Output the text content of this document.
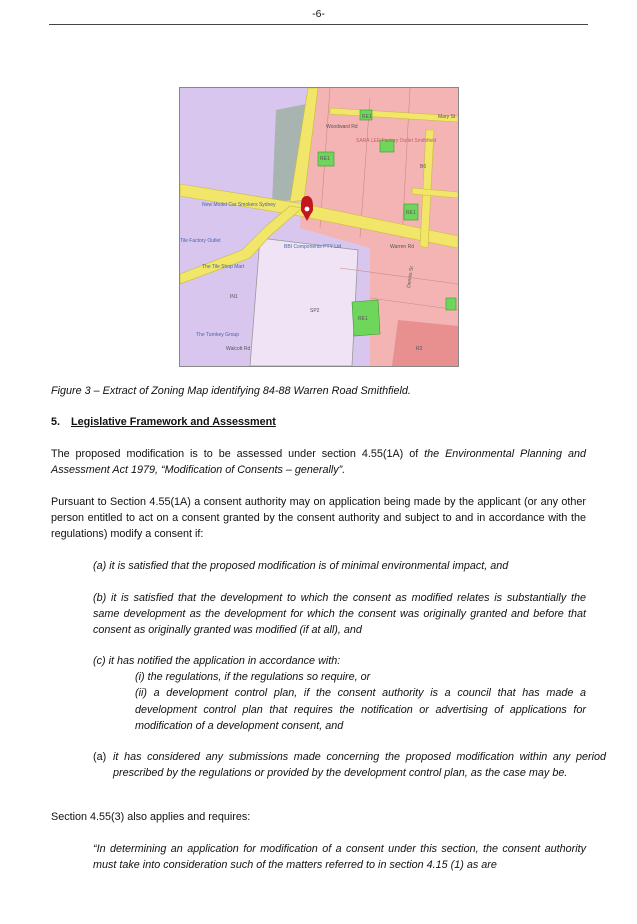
-6-
Woodward Rd
SARA LEE Factory Outlet Smithfield
New Model Car Smokers Sydney
Tile Factory Outlet
The Tile Shop Mart
BBI Components PTY Ltd
The Turnkey Group
Warren Rd
Walcott Rd
Dennis St
Mary St
SP2
IN1
RE1
RE1
RE1
RE1
B6
R2
Figure 3 – Extract of Zoning Map identifying 84-88 Warren Road Smithfield.
5. Legislative Framework and Assessment
The proposed modification is to be assessed under section 4.55(1A) of the Environmental Planning and Assessment Act 1979, “Modification of Consents – generally”.
Pursuant to Section 4.55(1A) a consent authority may on application being made by the applicant (or any other person entitled to act on a consent granted by the consent authority and subject to and in accordance with the regulations) modify a consent if:
(a) it is satisfied that the proposed modification is of minimal environmental impact, and
(b) it is satisfied that the development to which the consent as modified relates is substantially the same development as the development for which the consent was originally granted and before that consent as originally granted was modified (if at all), and
(c) it has notified the application in accordance with:
(i) the regulations, if the regulations so require, or
(ii) a development control plan, if the consent authority is a council that has made a development control plan that requires the notification or advertising of applications for modification of a development consent, and
(a) it has considered any submissions made concerning the proposed modification within any period prescribed by the regulations or provided by the development control plan, as the case may be.
Section 4.55(3) also applies and requires:
“In determining an application for modification of a consent under this section, the consent authority must take into consideration such of the matters referred to in section 4.15 (1) as are
